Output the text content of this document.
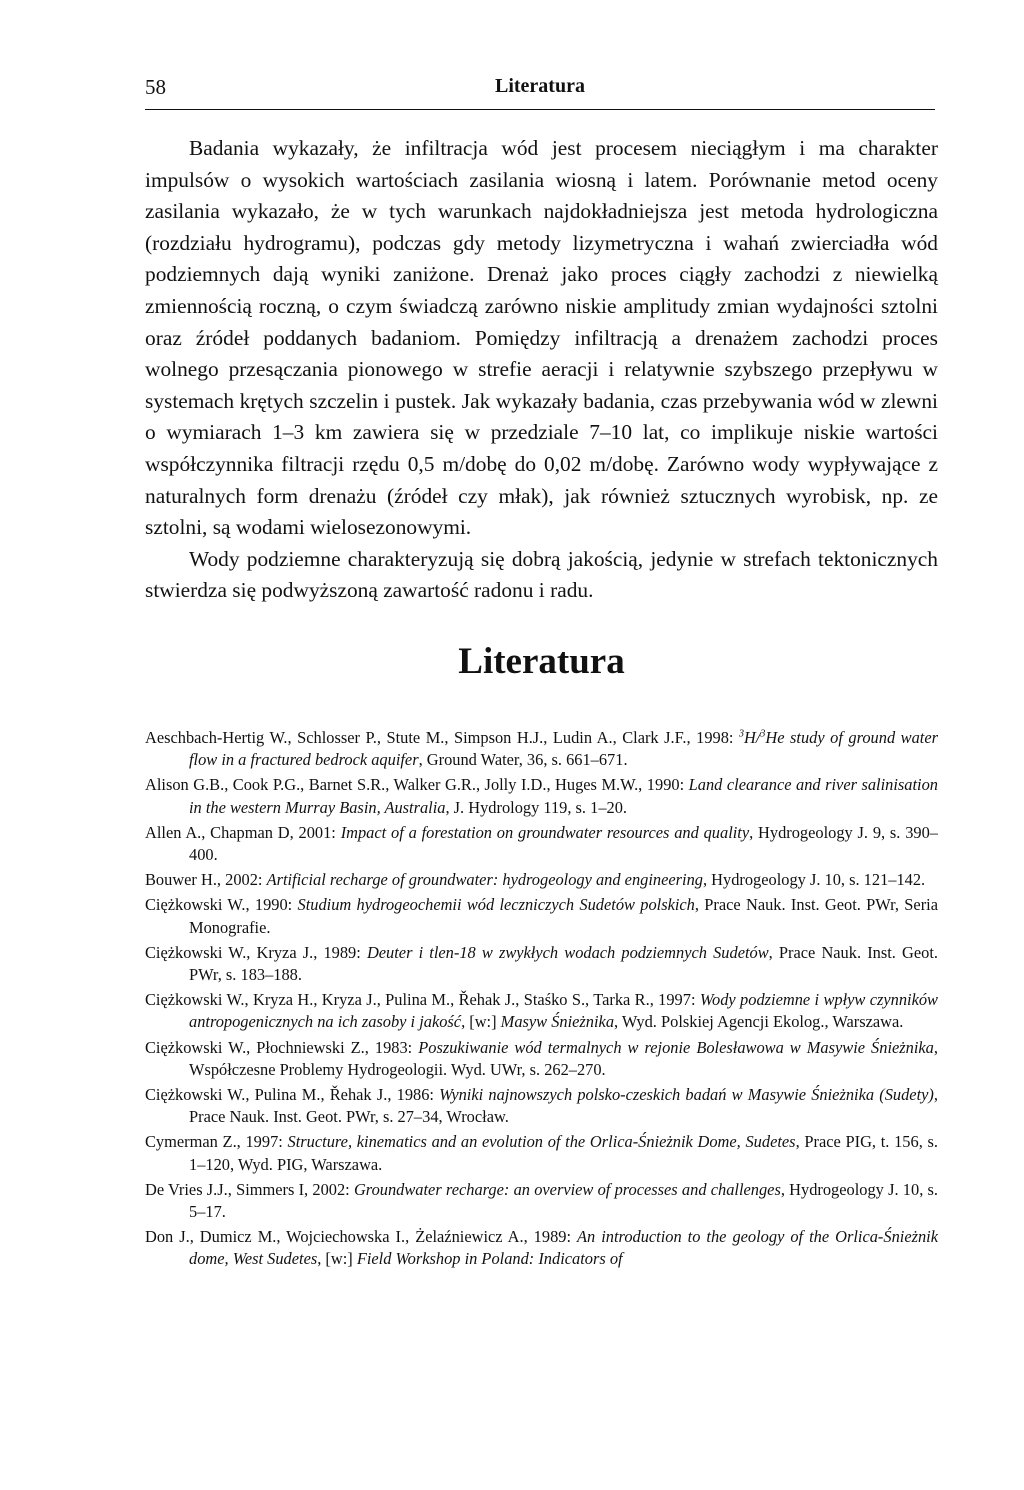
58	Literatura

Badania wykazały, że infiltracja wód jest procesem nieciągłym i ma charakter impulsów o wysokich wartościach zasilania wiosną i latem. Porównanie metod oceny zasilania wykazało, że w tych warunkach najdokładniejsza jest metoda hydrologiczna (rozdziału hydrogramu), podczas gdy metody lizymetryczna i wahań zwierciadła wód podziemnych dają wyniki zaniżone. Drenaż jako proces ciągły zachodzi z niewielką zmiennością roczną, o czym świadczą zarówno niskie amplitudy zmian wydajności sztolni oraz źródeł poddanych badaniom. Pomiędzy infiltracją a drenażem zachodzi proces wolnego przesączania pionowego w strefie aeracji i relatywnie szybszego przepływu w systemach krętych szczelin i pustek. Jak wykazały badania, czas przebywania wód w zlewni o wymiarach 1–3 km zawiera się w przedziale 7–10 lat, co implikuje niskie wartości współczynnika filtracji rzędu 0,5 m/dobę do 0,02 m/dobę. Zarówno wody wypływające z naturalnych form drenażu (źródeł czy młak), jak również sztucznych wyrobisk, np. ze sztolni, są wodami wielosezonowymi.

Wody podziemne charakteryzują się dobrą jakością, jedynie w strefach tektonicznych stwierdza się podwyższoną zawartość radonu i radu.

Literatura
Aeschbach-Hertig W., Schlosser P., Stute M., Simpson H.J., Ludin A., Clark J.F., 1998: $^3$H/$^3$He study of ground water flow in a fractured bedrock aquifer, Ground Water, 36, s. 661–671.
Alison G.B., Cook P.G., Barnet S.R., Walker G.R., Jolly I.D., Huges M.W., 1990: Land clearance and river salinisation in the western Murray Basin, Australia, J. Hydrology 119, s. 1–20.
Allen A., Chapman D, 2001: Impact of a forestation on groundwater resources and quality, Hydrogeology J. 9, s. 390–400.
Bouwer H., 2002: Artificial recharge of groundwater: hydrogeology and engineering, Hydrogeology J. 10, s. 121–142.
Ciężkowski W., 1990: Studium hydrogeochemii wód leczniczych Sudetów polskich, Prace Nauk. Inst. Geot. PWr, Seria Monografie.
Ciężkowski W., Kryza J., 1989: Deuter i tlen-18 w zwykłych wodach podziemnych Sudetów, Prace Nauk. Inst. Geot. PWr, s. 183–188.
Ciężkowski W., Kryza H., Kryza J., Pulina M., Řehak J., Staśko S., Tarka R., 1997: Wody podziemne i wpływ czynników antropogenicznych na ich zasoby i jakość, [w:] Masyw Śnieżnika, Wyd. Polskiej Agencji Ekolog., Warszawa.
Ciężkowski W., Płochniewski Z., 1983: Poszukiwanie wód termalnych w rejonie Bolesławowa w Masywie Śnieżnika, Współczesne Problemy Hydrogeologii. Wyd. UWr, s. 262–270.
Ciężkowski W., Pulina M., Řehak J., 1986: Wyniki najnowszych polsko-czeskich badań w Masywie Śnieżnika (Sudety), Prace Nauk. Inst. Geot. PWr, s. 27–34, Wrocław.
Cymerman Z., 1997: Structure, kinematics and an evolution of the Orlica-Śnieżnik Dome, Sudetes, Prace PIG, t. 156, s. 1–120, Wyd. PIG, Warszawa.
De Vries J.J., Simmers I, 2002: Groundwater recharge: an overview of processes and challenges, Hydrogeology J. 10, s. 5–17.
Don J., Dumicz M., Wojciechowska I., Żelaźniewicz A., 1989: An introduction to the geology of the Orlica-Śnieżnik dome, West Sudetes, [w:] Field Workshop in Poland: Indicators of
